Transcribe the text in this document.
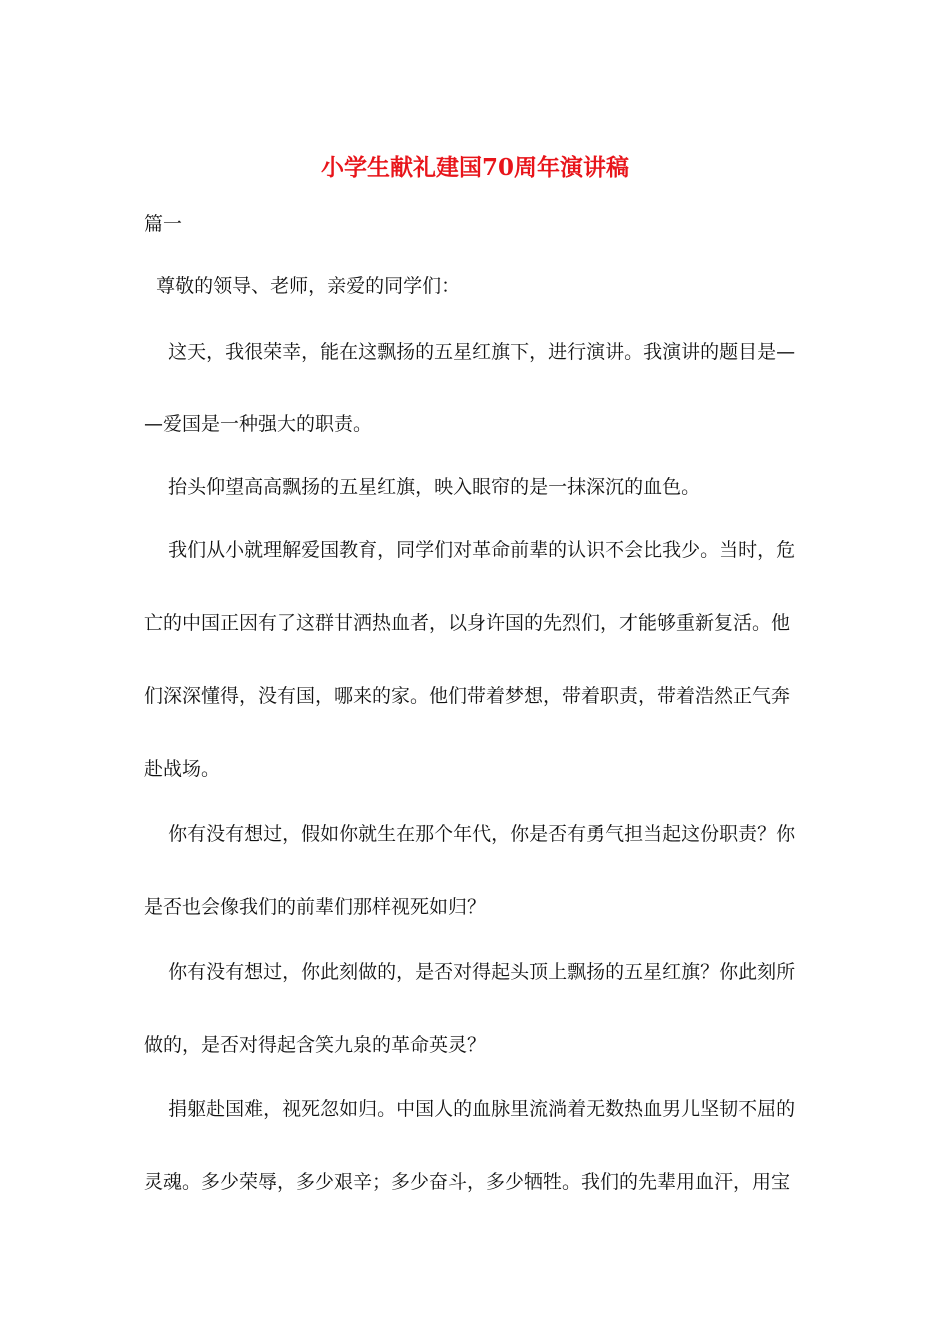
小学生献礼建国70周年演讲稿
篇一
尊敬的领导、老师，亲爱的同学们：
这天，我很荣幸，能在这飘扬的五星红旗下，进行演讲。我演讲的题目是—
—爱国是一种强大的职责。
抬头仰望高高飘扬的五星红旗，映入眼帘的是一抹深沉的血色。
我们从小就理解爱国教育，同学们对革命前辈的认识不会比我少。当时，危
亡的中国正因有了这群甘洒热血者，以身许国的先烈们，才能够重新复活。他
们深深懂得，没有国，哪来的家。他们带着梦想，带着职责，带着浩然正气奔
赴战场。
你有没有想过，假如你就生在那个年代，你是否有勇气担当起这份职责？你
是否也会像我们的前辈们那样视死如归？
你有没有想过，你此刻做的，是否对得起头顶上飘扬的五星红旗？你此刻所
做的，是否对得起含笑九泉的革命英灵？
捐躯赴国难，视死忽如归。中国人的血脉里流淌着无数热血男儿坚韧不屈的
灵魂。多少荣辱，多少艰辛；多少奋斗，多少牺牲。我们的先辈用血汗，用宝
